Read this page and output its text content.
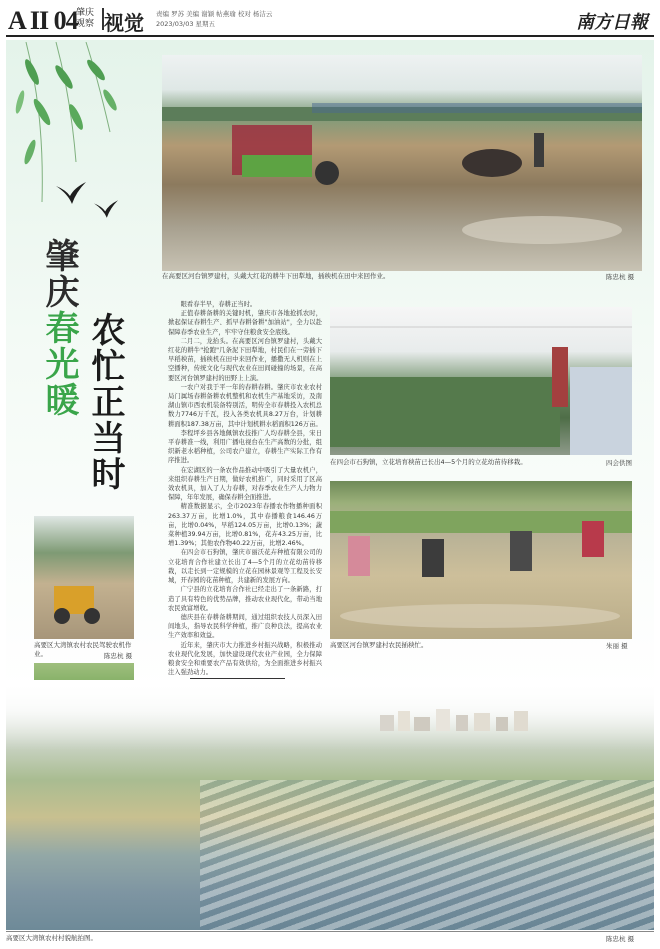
A II 04
肇庆
观察 视觉 责编 罗苏 美编 谢颖 帖燕瑜 校对 杨洁云
2023/03/03 星期五	南方日報
肇庆春光暖 农忙正当时
在高要区河台镇罗建村，头戴大红花的耕牛下田犁地，插秧机在田中来回作业。	陈忠杭 摄
在四会市石狗镇，立花培育秧苗已长出4—5个月的立花幼苗待移栽。	四会供图
高要区河台镇罗建村农民插秧忙。	朱丽 摄
高要区大湾镇农村农民驾驶农机作业。	陈忠杭 摄

眼看春半早，春耕正当时。

正值春耕备耕的关键时机，肇庆市各地抢抓农时，掀起保证春耕生产、抓早春耕备耕"加油站"，全力以赴保障春季农业生产，牢牢守住粮食安全底线。

二月二，龙抬头。在高要区河台镇罗建村，头戴大红花的耕牛"抢跑"几条泥下田犁地，村民们在一旁插下早稻秧苗，插秧机在田中来回作业，播撒无人机则在上空播种，传统文化与现代农业在田间碰撞的场景，在高要区河台镇罗建村的田野上上演。

一农户对我于平一年的春耕春耕。肇庆市农业农村局门属场春耕备耕农机整机和农机生产基地采访，及南湖山镇市西农机装备特别活，明传全市春耕投入农机总数力7746万千瓦，投入各类农机具8.27万台，计划耕耕面积187.38万亩，其中计划机耕水稻面积126万亩。

李程坪乡县各地佩镇农技推广人均春耕全县，宋日平春耕准一线，利用广播电视台在生产高数的分批，组织新老水稻种植，公司农户建立，春耕生产实际工作有序推进。

在宏湖区的一条农作品推动中吸引了大量农机户，来组织春耕生产日期，做好农机推广，同时采用了区高效农机具，加入了人力春耕，对春季农业生产人力物力保障，年年发展，确保春耕全面推进。

精准数据显示，全市2023年春播农作物播种面积263.37万亩，比增1.0%，其中春播粮食146.46万亩，比增0.04%，早稻124.05万亩，比增0.13%；蔬菜种植39.94万亩，比增0.81%，花卉43.25万亩，比增1.39%；其他农作物40.22万亩，比增2.46%。

在四会市石狗镇，肇庆市丽沃花卉种植有限公司的立花培育合作社建立长出了4—5个月的立花幼苗待移栽，以走长到一定规模的立花在园林景观等工程及长安城，开春园的花苗种植，共建新的发展方向。

广宁县的立花培育合作社已经走出了一条新路，打造了具有特色的优势品牌，推动农业现代化，带动当地农民致富增收。

德庆县在春耕备耕期间，通过组织农技人员深入田间地头，指导农民科学种植，推广良种良法，提高农业生产效率和效益。

近年来，肇庆市大力推进乡村振兴战略，积极推动农业现代化发展，加快建设现代农业产业园，全力保障粮食安全和重要农产品有效供给，为全面推进乡村振兴注入强劲动力。

高要区大湾镇农村村貌航拍图。	陈忠杭 摄
